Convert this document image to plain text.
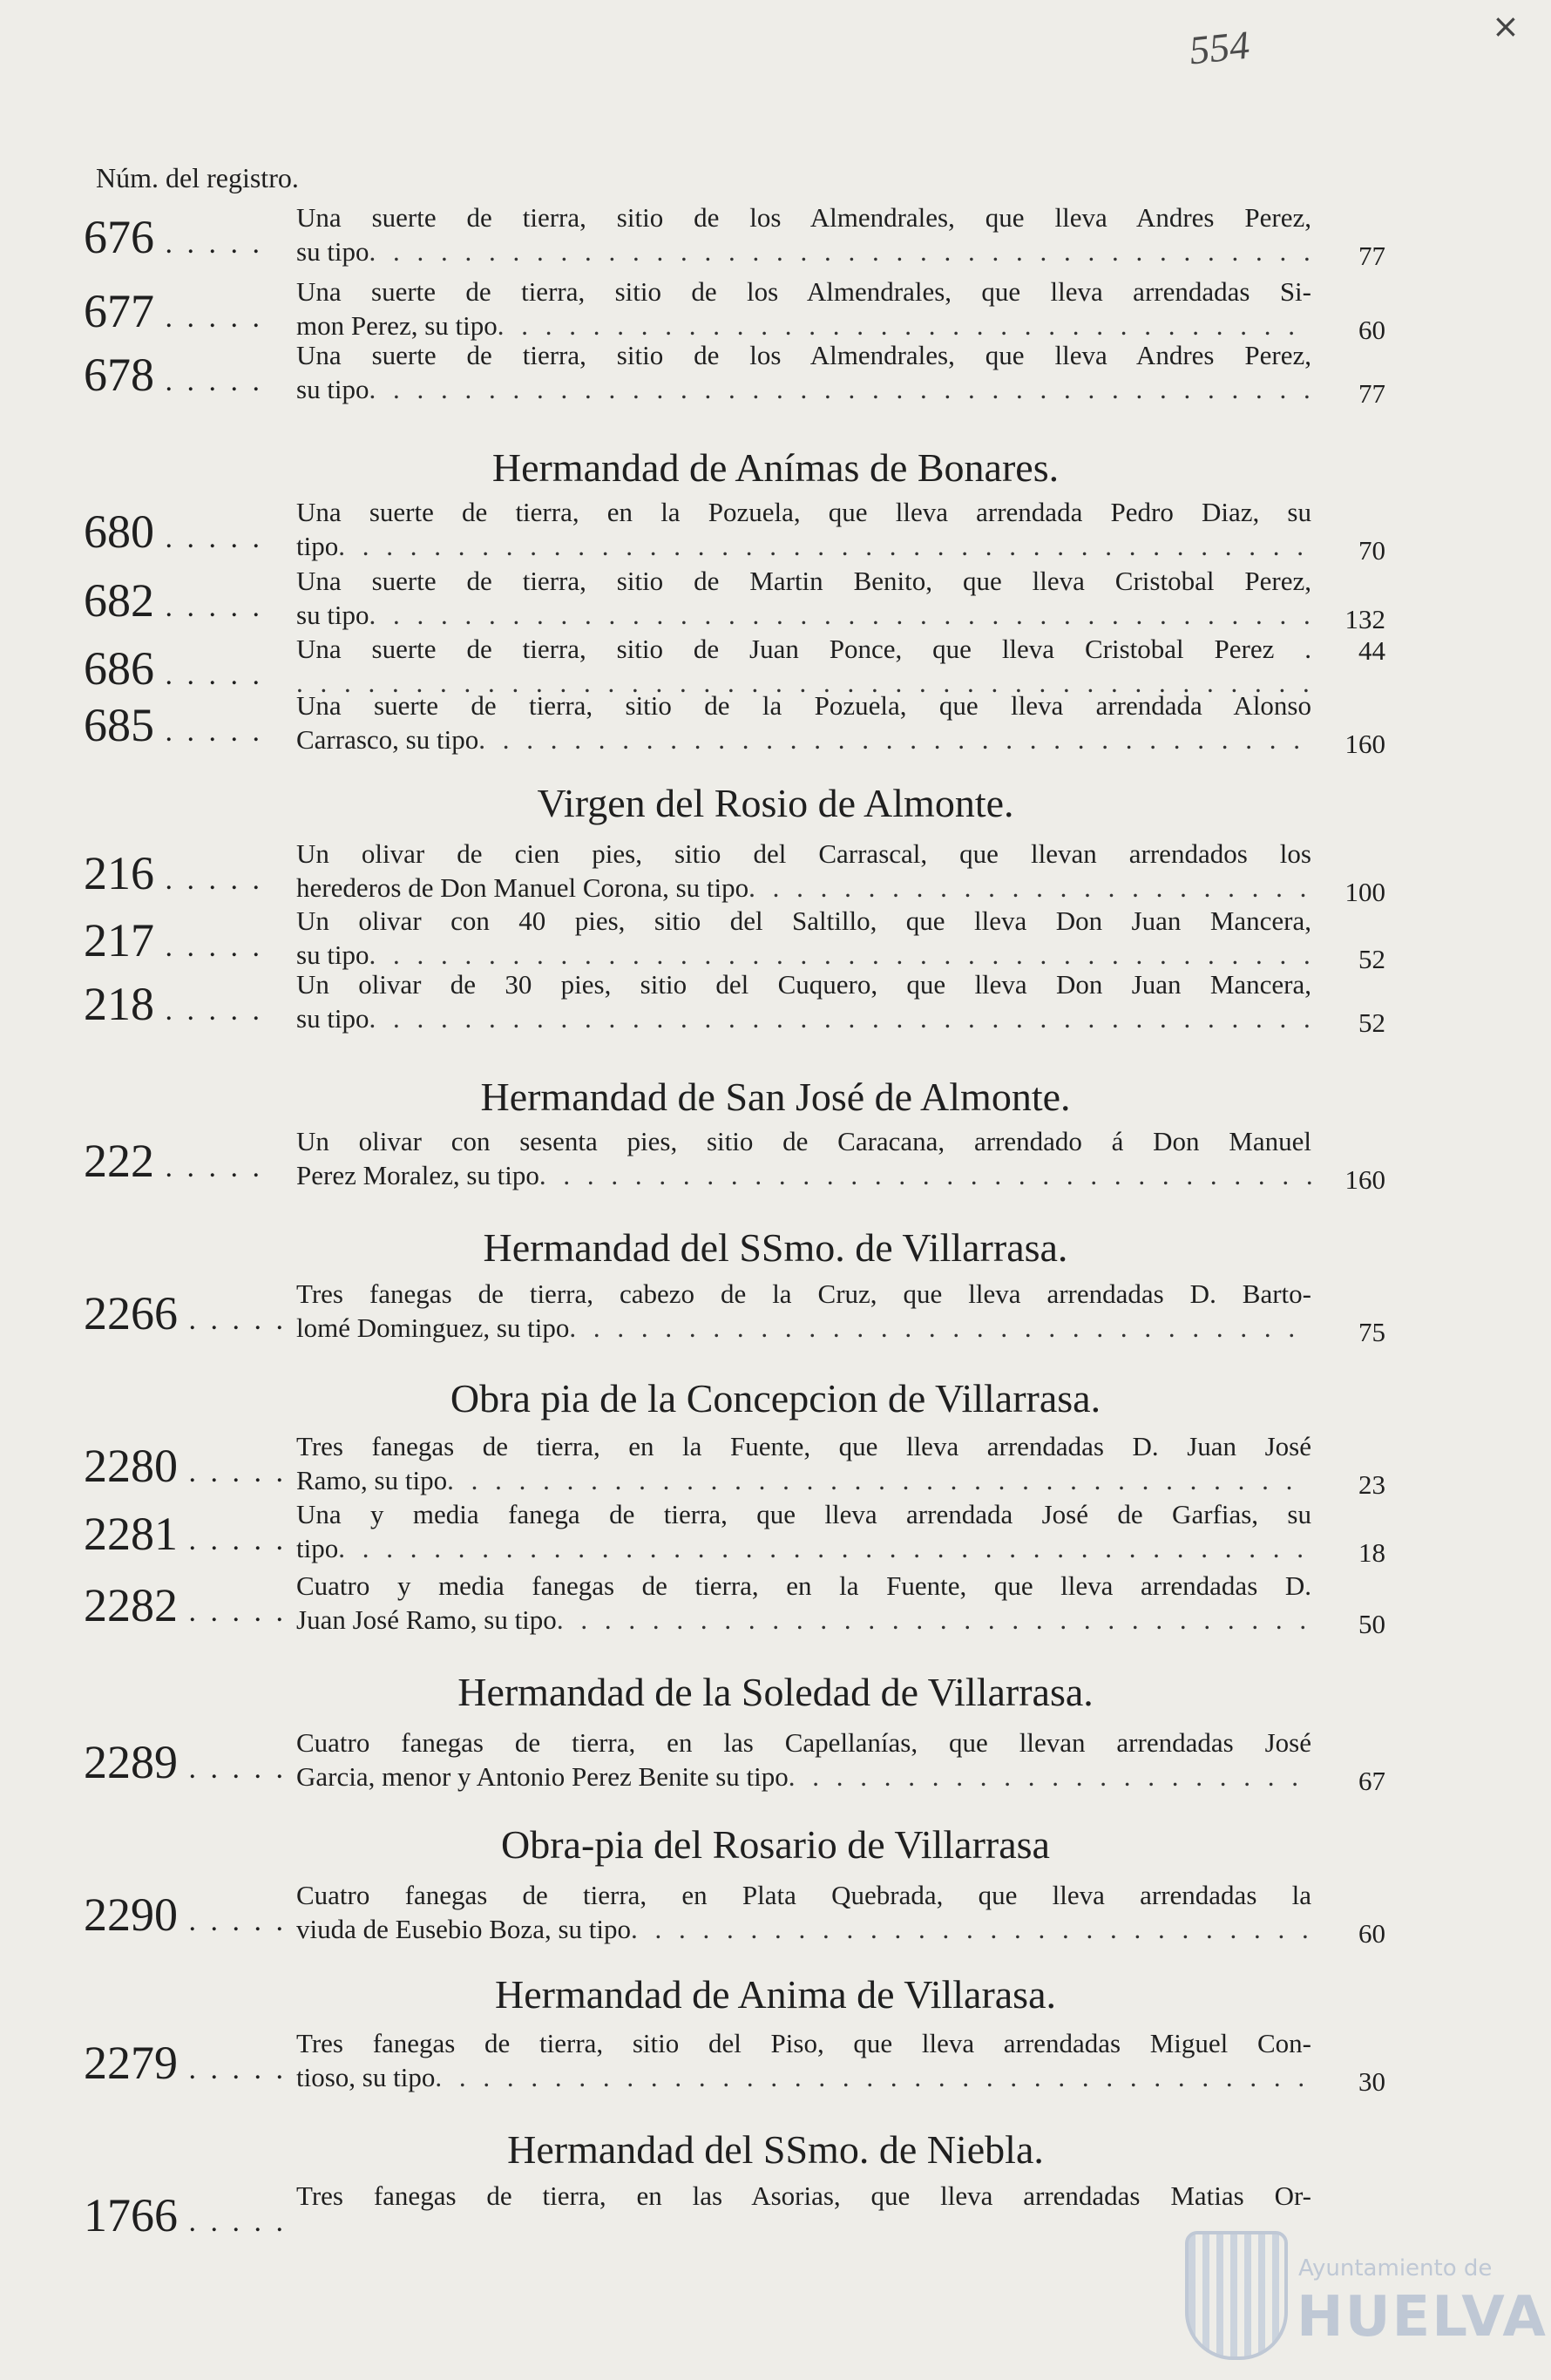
554	×
Núm. del registro.
676 . . . . .
Una suerte de tierra, sitio de los Almendrales, que lleva Andres Perez,
su tipo . . .	77
677 . . . . .
Una suerte de tierra, sitio de los Almendrales, que lleva arrendadas Si-
mon Perez, su tipo . . .	60
678 . . . . .
Una suerte de tierra, sitio de los Almendrales, que lleva Andres Perez,
su tipo . . .	77
Hermandad de Anímas de Bonares.
680 . . . . .
Una suerte de tierra, en la Pozuela, que lleva arrendada Pedro Diaz, su
tipo . . .	70
682 . . . . .
Una suerte de tierra, sitio de Martin Benito, que lleva Cristobal Perez,
su tipo . . .	132
686 . . . . .
Una suerte de tierra, sitio de Juan Ponce, que lleva Cristobal Perez .
. . .	44
685 . . . . .
Una suerte de tierra, sitio de la Pozuela, que lleva arrendada Alonso
Carrasco, su tipo . . .	160
Virgen del Rosio de Almonte.
216 . . . . .
Un olivar de cien pies, sitio del Carrascal, que llevan arrendados los
herederos de Don Manuel Corona, su tipo . . .	100
217 . . . . .
Un olivar con 40 pies, sitio del Saltillo, que lleva Don Juan Mancera,
su tipo . . .	52
218 . . . . .
Un olivar de 30 pies, sitio del Cuquero, que lleva Don Juan Mancera,
su tipo . . .	52
Hermandad de San José de Almonte.
222 . . . . .
Un olivar con sesenta pies, sitio de Caracana, arrendado á Don Manuel
Perez Moralez, su tipo . . .	160
Hermandad del SSmo. de Villarrasa.
2266 . . . . .
Tres fanegas de tierra, cabezo de la Cruz, que lleva arrendadas D. Barto-
lomé Dominguez, su tipo . . .	75
Obra pia de la Concepcion de Villarrasa.
2280 . . . . .
Tres fanegas de tierra, en la Fuente, que lleva arrendadas D. Juan José
Ramo, su tipo . . .	23
2281 . . . . .
Una y media fanega de tierra, que lleva arrendada José de Garfias, su
tipo . . .	18
2282 . . . . .
Cuatro y media fanegas de tierra, en la Fuente, que lleva arrendadas D.
Juan José Ramo, su tipo . . .	50
Hermandad de la Soledad de Villarrasa.
2289 . . . . .
Cuatro fanegas de tierra, en las Capellanías, que llevan arrendadas José
Garcia, menor y Antonio Perez Benite su tipo . . .	67
Obra-pia del Rosario de Villarrasa
2290 . . . . .
Cuatro fanegas de tierra, en Plata Quebrada, que lleva arrendadas la
viuda de Eusebio Boza, su tipo . . .	60
Hermandad de Anima de Villarasa.
2279 . . . . .
Tres fanegas de tierra, sitio del Piso, que lleva arrendadas Miguel Con-
tioso, su tipo . . .	30
Hermandad del SSmo. de Niebla.
1766 . . . . .
Tres fanegas de tierra, en las Asorias, que lleva arrendadas Matias Or-
Ayuntamiento de
HUELVA
